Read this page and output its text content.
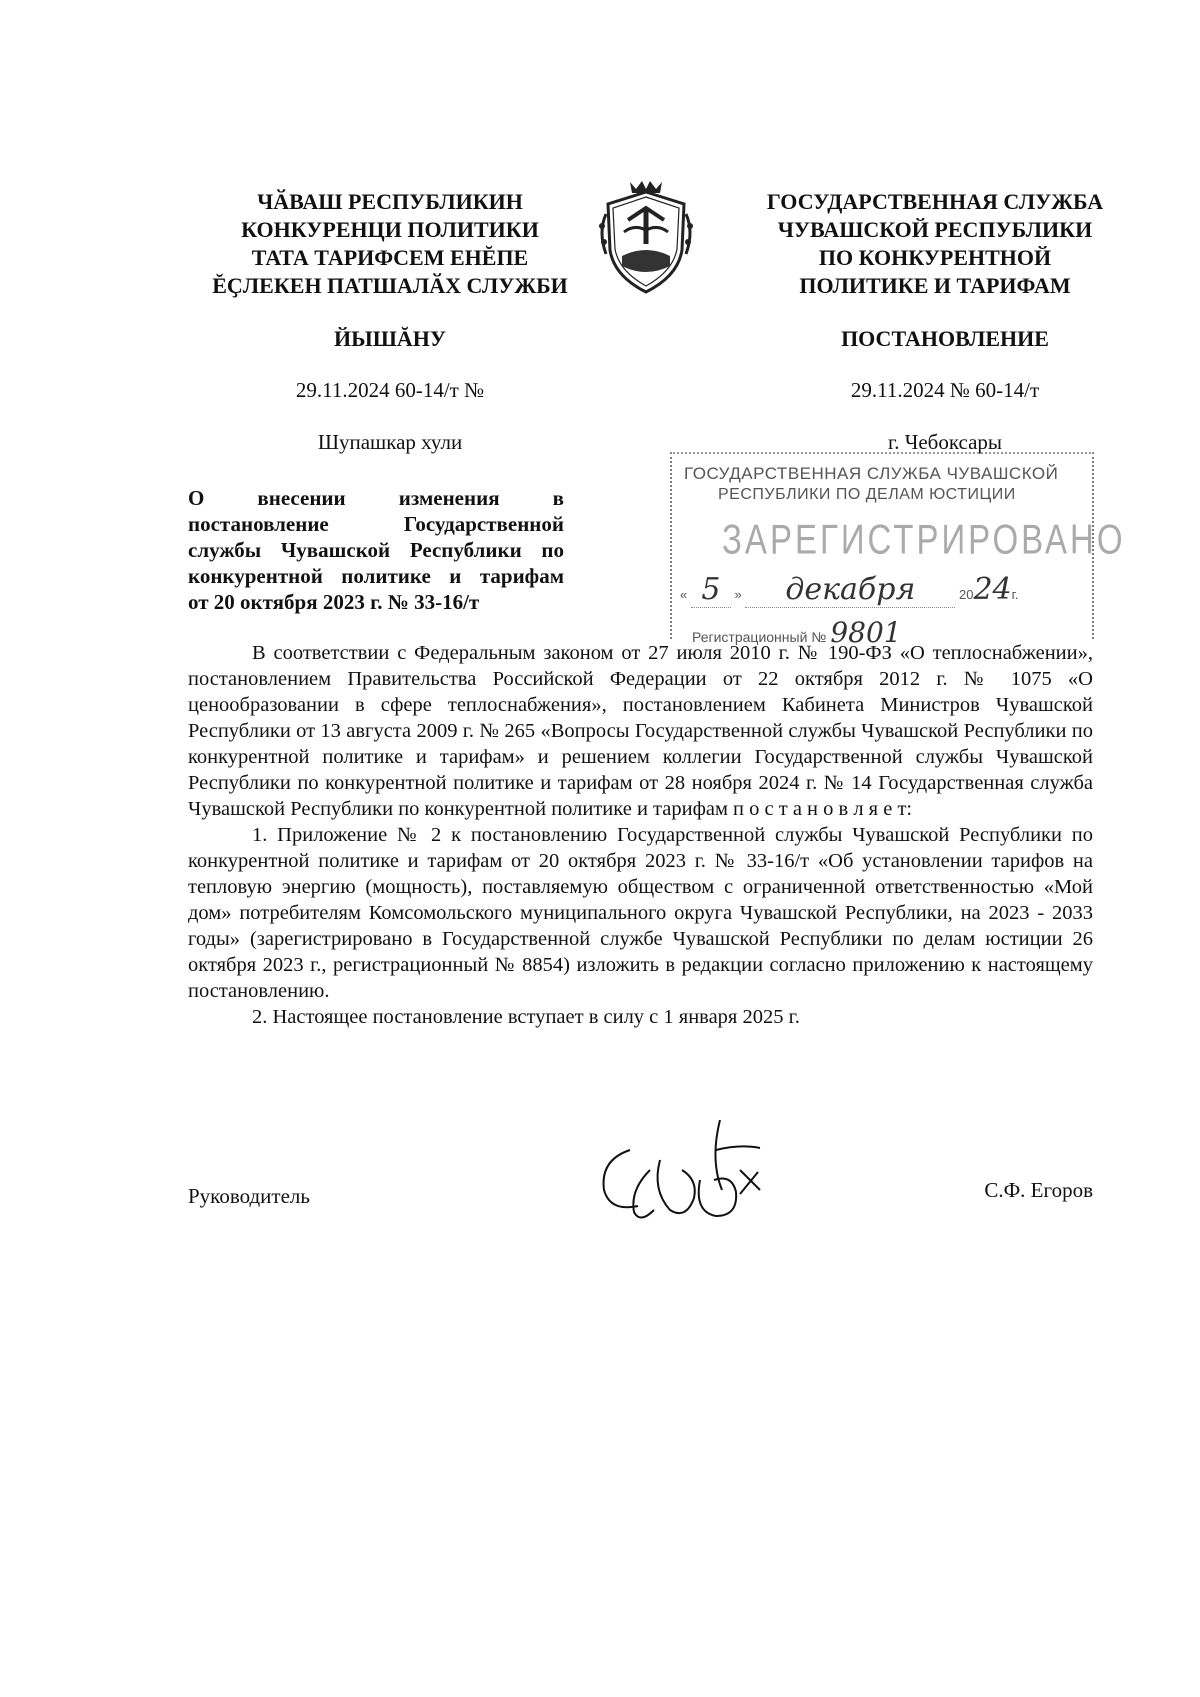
ЧӐВАШ РЕСПУБЛИКИН
КОНКУРЕНЦИ ПОЛИТИКИ
ТАТА ТАРИФСЕМ ЕНĔПЕ
ĔҪЛЕКЕН ПАТШАЛӐХ СЛУЖБИ
ГОСУДАРСТВЕННАЯ СЛУЖБА
ЧУВАШСКОЙ РЕСПУБЛИКИ
ПО КОНКУРЕНТНОЙ
ПОЛИТИКЕ И ТАРИФАМ
ЙЫШĂНУ	ПОСТАНОВЛЕНИЕ
29.11.2024 60-14/т №	29.11.2024 № 60-14/т
Шупашкар хули	г. Чебоксары
О внесении изменения в
постановление Государственной
службы Чувашской Республики по
конкурентной политике и тарифам
от 20 октября 2023 г. № 33-16/т
ГОСУДАРСТВЕННАЯ СЛУЖБА ЧУВАШСКОЙ
РЕСПУБЛИКИ ПО ДЕЛАМ ЮСТИЦИИ
ЗАРЕГИСТРИРОВАНО
« 5 » декабря	2024г.
Регистрационный № 9801

В соответствии с Федеральным законом от 27 июля 2010 г. № 190-ФЗ «О теплоснабжении», постановлением Правительства Российской Федерации от 22 октября 2012 г. № 1075 «О ценообразовании в сфере теплоснабжения», постановлением Кабинета Министров Чувашской Республики от 13 августа 2009 г. № 265 «Вопросы Государственной службы Чувашской Республики по конкурентной политике и тарифам» и решением коллегии Государственной службы Чувашской Республики по конкурентной политике и тарифам от 28 ноября 2024 г. № 14 Государственная служба Чувашской Республики по конкурентной политике и тарифам п о с т а н о в л я е т:

1. Приложение № 2 к постановлению Государственной службы Чувашской Республики по конкурентной политике и тарифам от 20 октября 2023 г. № 33-16/т «Об установлении тарифов на тепловую энергию (мощность), поставляемую обществом с ограниченной ответственностью «Мой дом» потребителям Комсомольского муниципального округа Чувашской Республики, на 2023 - 2033 годы» (зарегистрировано в Государственной службе Чувашской Республики по делам юстиции 26 октября 2023 г., регистрационный № 8854) изложить в редакции согласно приложению к настоящему постановлению.

2. Настоящее постановление вступает в силу с 1 января 2025 г.

Руководитель	С.Ф. Егоров
